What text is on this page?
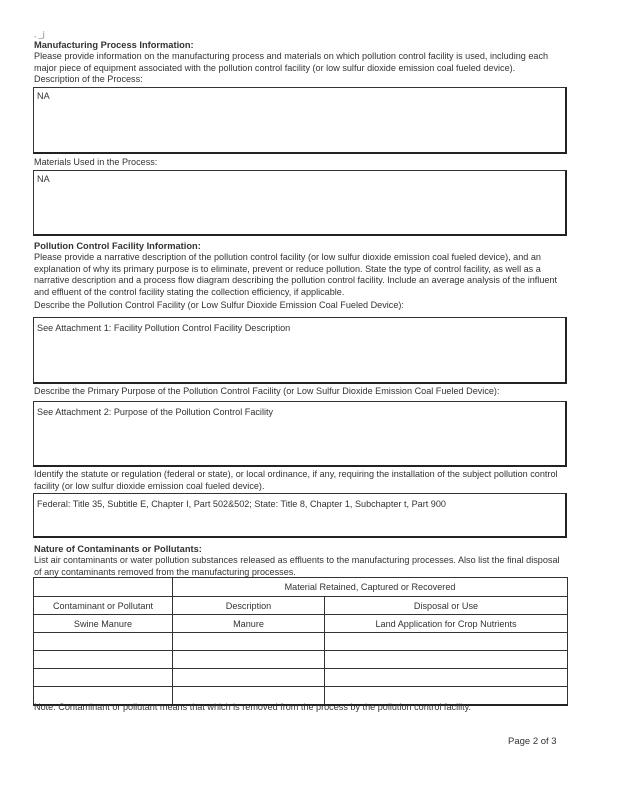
, _j
Manufacturing Process Information:
Please provide information on the manufacturing process and materials on which pollution control facility is used, including each major piece of equipment associated with the pollution control facility (or low sulfur dioxide emission coal fueled device).
Description of the Process:
NA
Materials Used in the Process:
NA
Pollution Control Facility Information:
Please provide a narrative description of the pollution control facility (or low sulfur dioxide emission coal fueled device), and an explanation of why its primary purpose is to eliminate, prevent or reduce pollution. State the type of control facility, as well as a narrative description and a process flow diagram describing the pollution control facility. Include an average analysis of the influent and effluent of the control facility stating the collection efficiency, if applicable.
Describe the Pollution Control Facility (or Low Sulfur Dioxide Emission Coal Fueled Device):
See Attachment 1: Facility Pollution Control Facility Description
Describe the Primary Purpose of the Pollution Control Facility (or Low Sulfur Dioxide Emission Coal Fueled Device):
See Attachment 2: Purpose of the Pollution Control Facility
Identify the statute or regulation (federal or state), or local ordinance, if any, requiring the installation of the subject pollution control facility (or low sulfur dioxide emission coal fueled device).
Federal: Title 35, Subtitle E, Chapter I, Part 502&502; State: Title 8, Chapter 1, Subchapter t, Part 900
Nature of Contaminants or Pollutants:
List air contaminants or water pollution substances released as effluents to the manufacturing processes. Also list the final disposal of any contaminants removed from the manufacturing processes.
	Material Retained, Captured or Recovered	
Contaminant or Pollutant	Description	Disposal or Use
Swine Manure	Manure	Land Application for Crop Nutrients

Note: Contaminant or pollutant means that which is removed from the process by the pollution control facility.
Page 2 of 3
